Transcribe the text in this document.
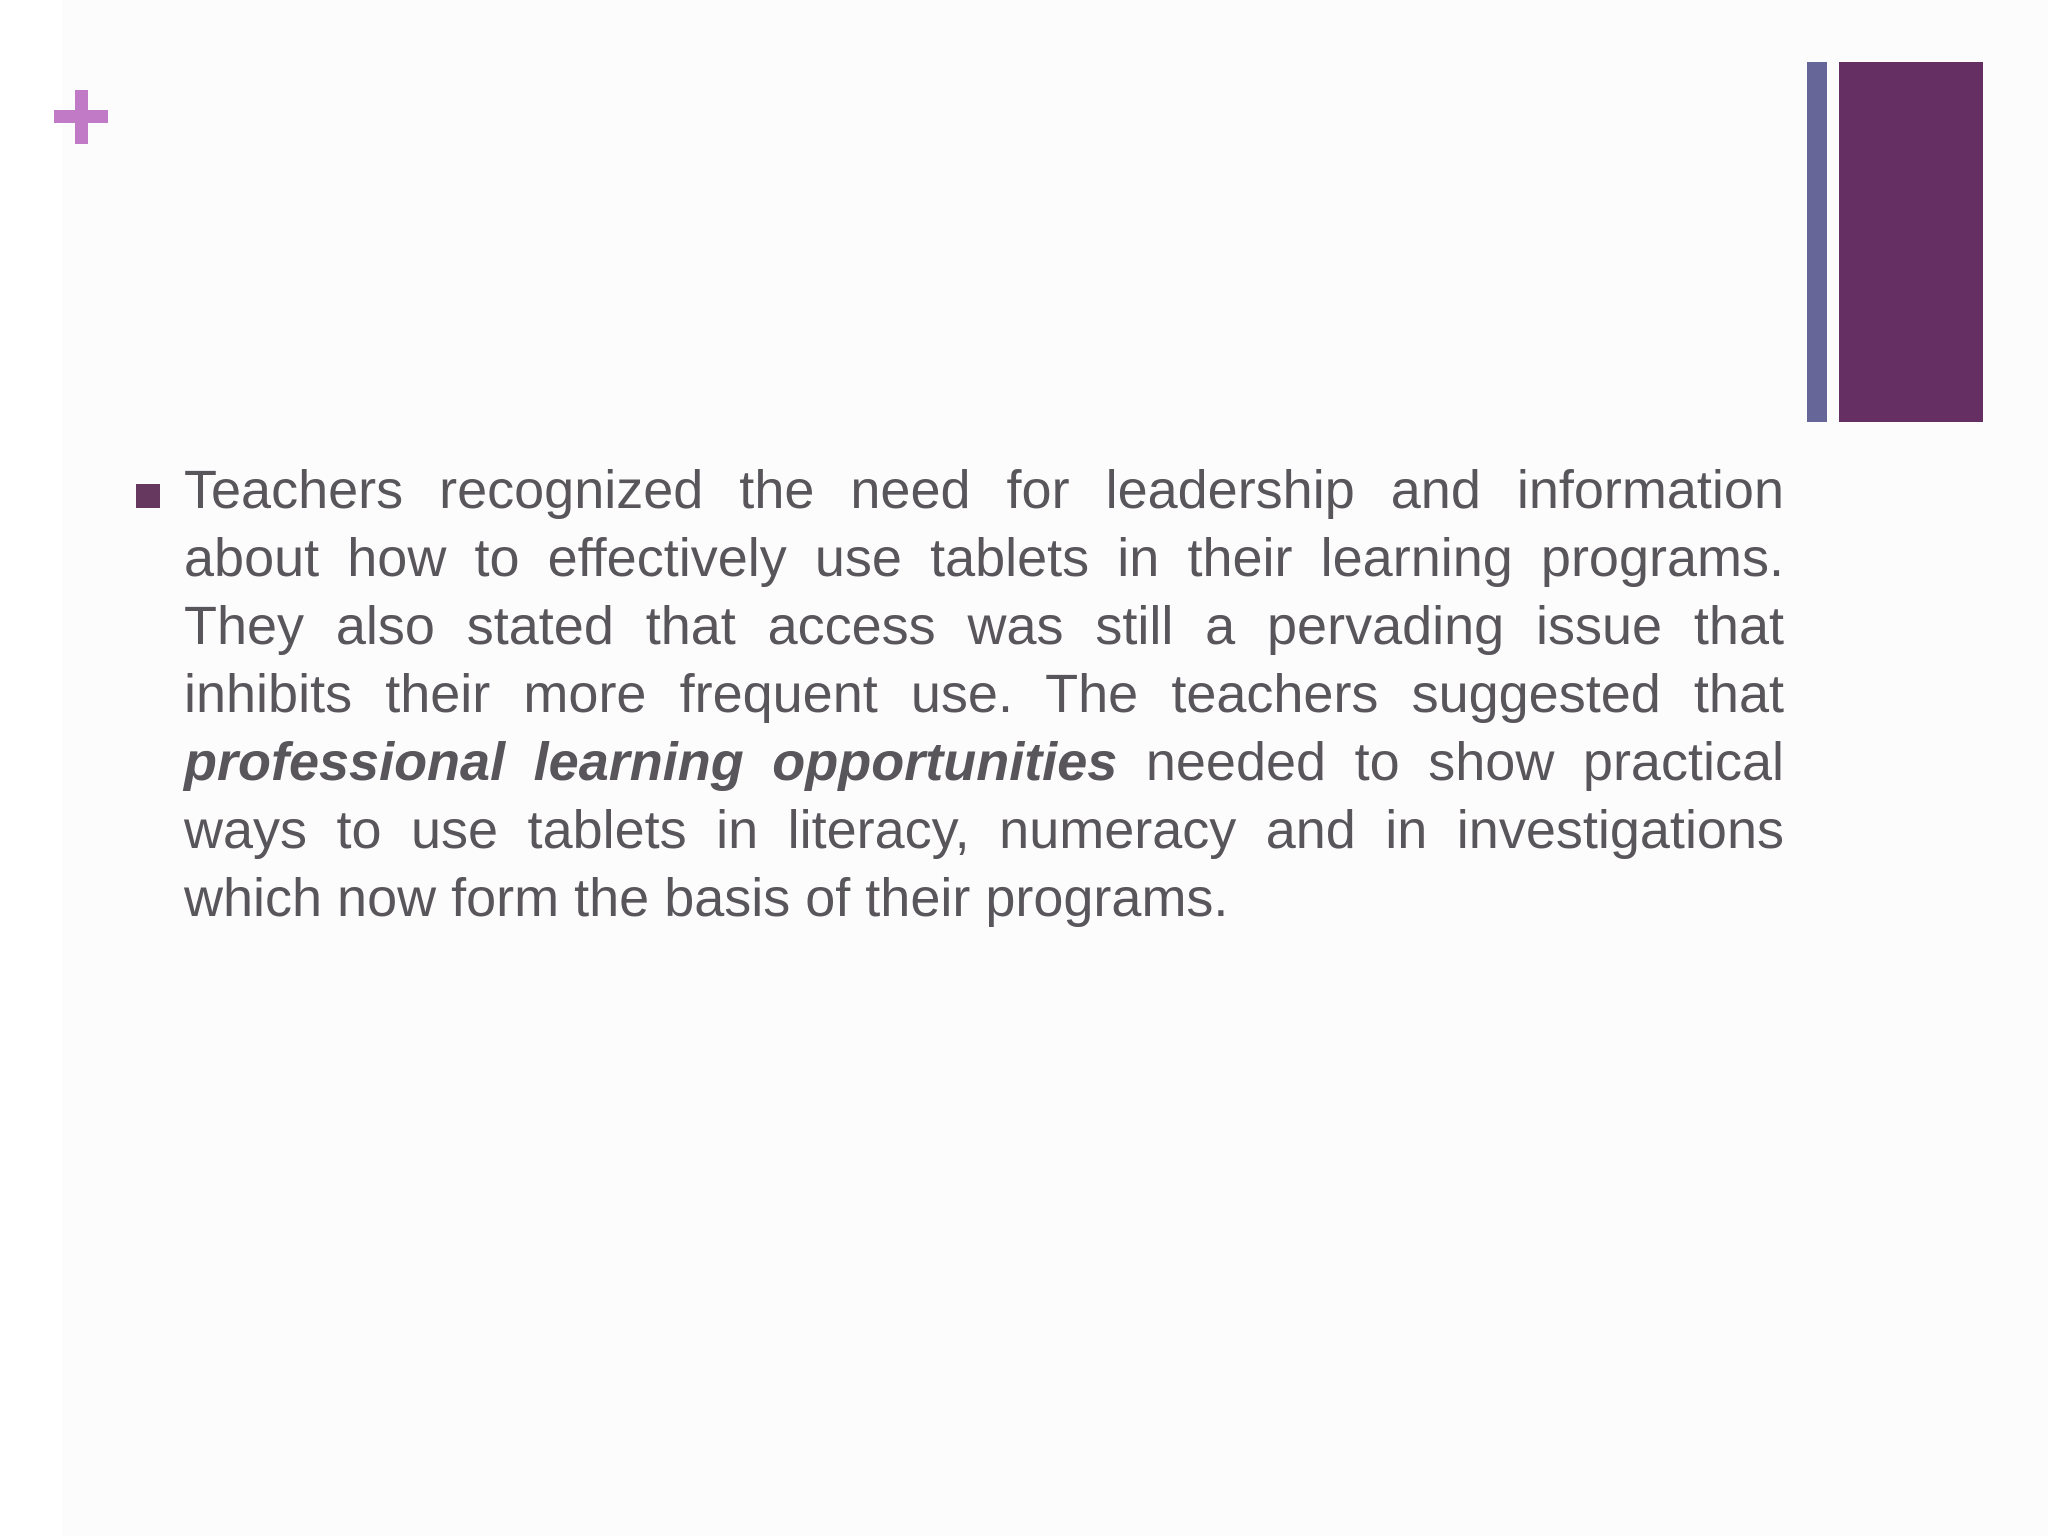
Teachers recognized the need for leadership and information about how to effectively use tablets in their learning programs. They also stated that access was still a pervading issue that inhibits their more frequent use. The teachers suggested that professional learning opportunities needed to show practical ways to use tablets in literacy, numeracy and in investigations which now form the basis of their programs.
